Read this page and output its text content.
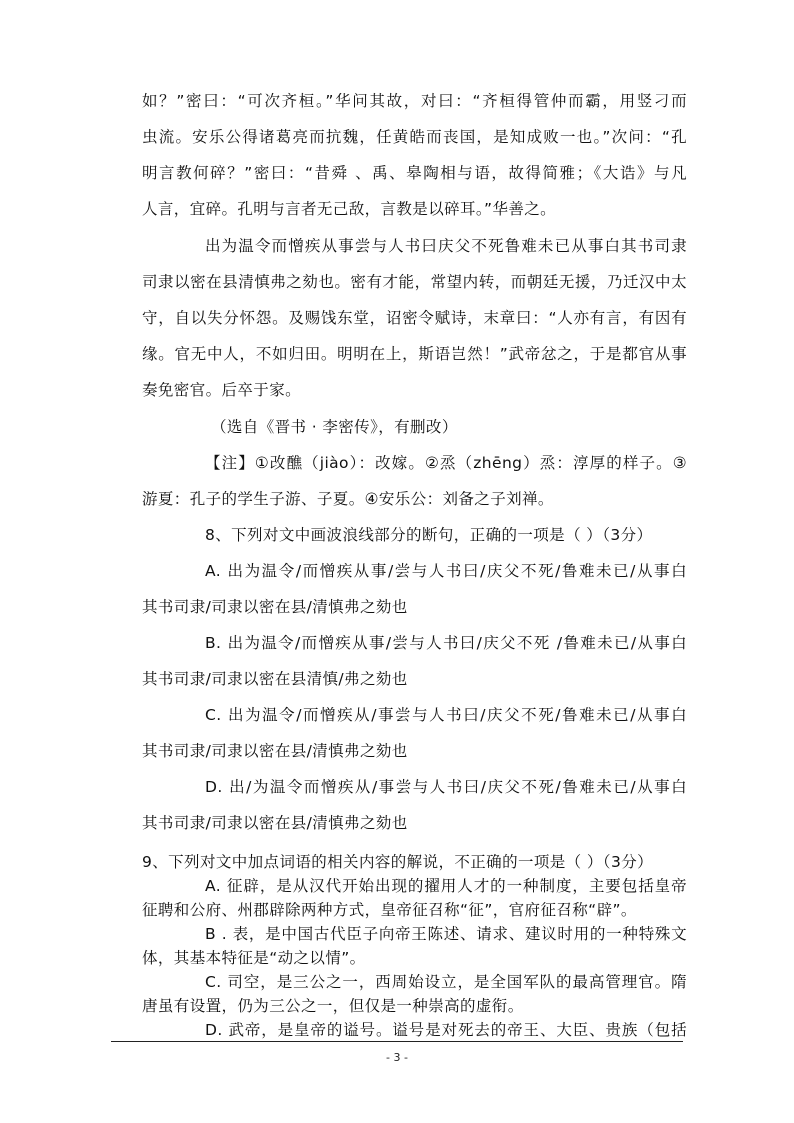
如？”密曰：“可次齐桓。”华问其故，对曰：“齐桓得管仲而霸，用竖刁而
虫流。安乐公得诸葛亮而抗魏，任黄皓而丧国，是知成败一也。”次问：“孔
明言教何碎？”密曰：“昔舜 、禹、皋陶相与语，故得简雅；《大诰》与凡
人言，宜碎。孔明与言者无己敌，言教是以碎耳。”华善之。
出为温令而憎疾从事尝与人书曰庆父不死鲁难未已从事白其书司隶
司隶以密在县清慎弗之劾也。密有才能，常望内转，而朝廷无援，乃迁汉中太
守，自以失分怀怨。及赐饯东堂，诏密令赋诗，末章曰：“人亦有言，有因有
缘。官无中人，不如归田。明明在上，斯语岂然！”武帝忿之，于是都官从事
奏免密官。后卒于家。
（选自《晋书 · 李密传》，有删改）
【注】①改醮（jiào）：改嫁。②烝（zhēng）烝：淳厚的样子。③
游夏：孔子的学生子游、子夏。④安乐公：刘备之子刘禅。
8、下列对文中画波浪线部分的断句，正确的一项是（ ）（3分）
A. 出为温令/而憎疾从事/尝与人书曰/庆父不死/鲁难未已/从事白
其书司隶/司隶以密在县/清慎弗之劾也
B. 出为温令/而憎疾从事/尝与人书曰/庆父不死 /鲁难未已/从事白
其书司隶/司隶以密在县清慎/弗之劾也
C. 出为温令/而憎疾从/事尝与人书曰/庆父不死/鲁难未已/从事白
其书司隶/司隶以密在县/清慎弗之劾也
D. 出/为温令而憎疾从/事尝与人书曰/庆父不死/鲁难未已/从事白
其书司隶/司隶以密在县/清慎弗之劾也
9、下列对文中加点词语的相关内容的解说，不正确的一项是（ ）（3分）
A. 征辟，是从汉代开始出现的擢用人才的一种制度，主要包括皇帝
征聘和公府、州郡辟除两种方式，皇帝征召称“征”，官府征召称“辟”。
B . 表，是中国古代臣子向帝王陈述、请求、建议时用的一种特殊文
体，其基本特征是“动之以情”。
C. 司空，是三公之一，西周始设立，是全国军队的最高管理官。隋
唐虽有设置，仍为三公之一，但仅是一种崇高的虚衔。
D. 武帝，是皇帝的谥号。谥号是对死去的帝王、大臣、贵族（包括
- 3 -
